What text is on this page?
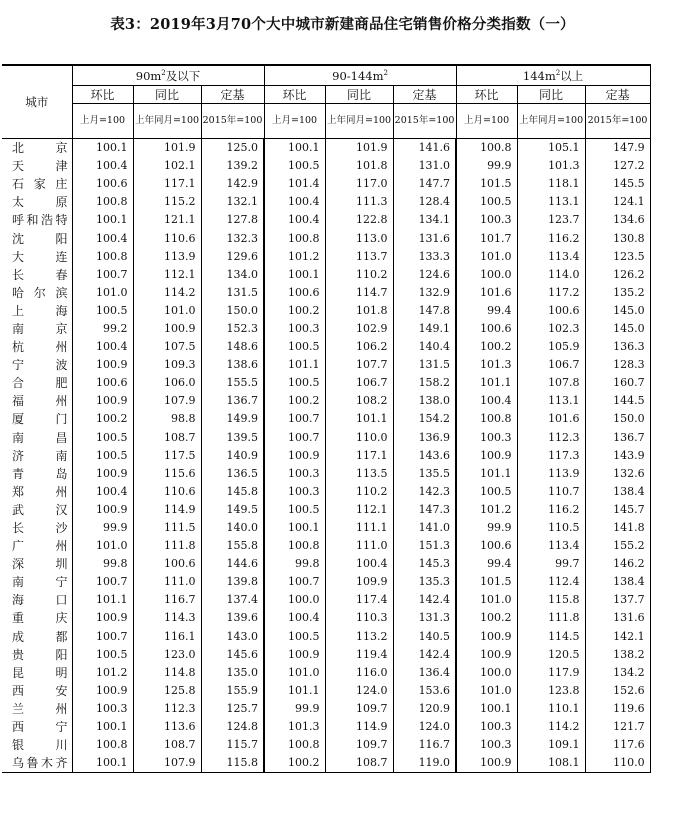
表3：2019年3月70个大中城市新建商品住宅销售价格分类指数（一）
城市	$90m^2$及以下			$90-144m^2$			$144m^2$以上		
	环比	同比	定基	环比	同比	定基	环比	同比	定基
	上月=100	上年同月=100	2015年=100	上月=100	上年同月=100	2015年=100	上月=100	上年同月=100	2015年=100
北京	100.1	101.9	125.0	100.1	101.9	141.6	100.8	105.1	147.9
天津	100.4	102.1	139.2	100.5	101.8	131.0	99.9	101.3	127.2
石家庄	100.6	117.1	142.9	101.4	117.0	147.7	101.5	118.1	145.5
太原	100.8	115.2	132.1	100.4	111.3	128.4	100.5	113.1	124.1
呼和浩特	100.1	121.1	127.8	100.4	122.8	134.1	100.3	123.7	134.6
沈阳	100.4	110.6	132.3	100.8	113.0	131.6	101.7	116.2	130.8
大连	100.8	113.9	129.6	101.2	113.7	133.3	101.0	113.4	123.5
长春	100.7	112.1	134.0	100.1	110.2	124.6	100.0	114.0	126.2
哈尔滨	101.0	114.2	131.5	100.6	114.7	132.9	101.6	117.2	135.2
上海	100.5	101.0	150.0	100.2	101.8	147.8	99.4	100.6	145.0
南京	99.2	100.9	152.3	100.3	102.9	149.1	100.6	102.3	145.0
杭州	100.4	107.5	148.6	100.5	106.2	140.4	100.2	105.9	136.3
宁波	100.9	109.3	138.6	101.1	107.7	131.5	101.3	106.7	128.3
合肥	100.6	106.0	155.5	100.5	106.7	158.2	101.1	107.8	160.7
福州	100.9	107.9	136.7	100.2	108.2	138.0	100.4	113.1	144.5
厦门	100.2	98.8	149.9	100.7	101.1	154.2	100.8	101.6	150.0
南昌	100.5	108.7	139.5	100.7	110.0	136.9	100.3	112.3	136.7
济南	100.5	117.5	140.9	100.9	117.1	143.6	100.9	117.3	143.9
青岛	100.9	115.6	136.5	100.3	113.5	135.5	101.1	113.9	132.6
郑州	100.4	110.6	145.8	100.3	110.2	142.3	100.5	110.7	138.4
武汉	100.9	114.9	149.5	100.5	112.1	147.3	101.2	116.2	145.7
长沙	99.9	111.5	140.0	100.1	111.1	141.0	99.9	110.5	141.8
广州	101.0	111.8	155.8	100.8	111.0	151.3	100.6	113.4	155.2
深圳	99.8	100.6	144.6	99.8	100.4	145.3	99.4	99.7	146.2
南宁	100.7	111.0	139.8	100.7	109.9	135.3	101.5	112.4	138.4
海口	101.1	116.7	137.4	100.0	117.4	142.4	101.0	115.8	137.7
重庆	100.9	114.3	139.6	100.4	110.3	131.3	100.2	111.8	131.6
成都	100.7	116.1	143.0	100.5	113.2	140.5	100.9	114.5	142.1
贵阳	100.5	123.0	145.6	100.9	119.4	142.4	100.9	120.5	138.2
昆明	101.2	114.8	135.0	101.0	116.0	136.4	100.0	117.9	134.2
西安	100.9	125.8	155.9	101.1	124.0	153.6	101.0	123.8	152.6
兰州	100.3	112.3	125.7	99.9	109.7	120.9	100.1	110.1	119.6
西宁	100.1	113.6	124.8	101.3	114.9	124.0	100.3	114.2	121.7
银川	100.8	108.7	115.7	100.8	109.7	116.7	100.3	109.1	117.6
乌鲁木齐	100.1	107.9	115.8	100.2	108.7	119.0	100.9	108.1	110.0
